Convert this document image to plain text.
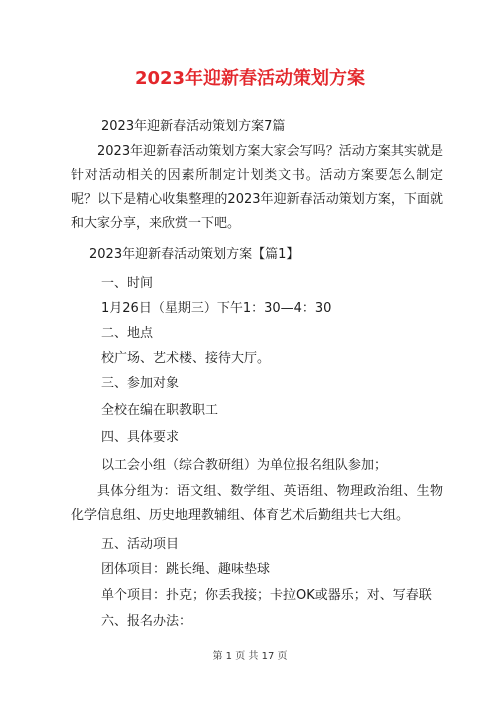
2023年迎新春活动策划方案
2023年迎新春活动策划方案7篇
2023年迎新春活动策划方案大家会写吗？活动方案其实就是针对活动相关的因素所制定计划类文书。活动方案要怎么制定呢？以下是精心收集整理的2023年迎新春活动策划方案，下面就和大家分享，来欣赏一下吧。
2023年迎新春活动策划方案【篇1】
一、时间
1月26日（星期三）下午1：30—4：30
二、地点
校广场、艺术楼、接待大厅。
三、参加对象
全校在编在职教职工
四、具体要求
以工会小组（综合教研组）为单位报名组队参加；
具体分组为：语文组、数学组、英语组、物理政治组、生物化学信息组、历史地理教辅组、体育艺术后勤组共七大组。
五、活动项目
团体项目：跳长绳、趣味垫球
单个项目：扑克；你丢我接；卡拉OK或器乐；对、写春联
六、报名办法：
第 1 页 共 17 页
